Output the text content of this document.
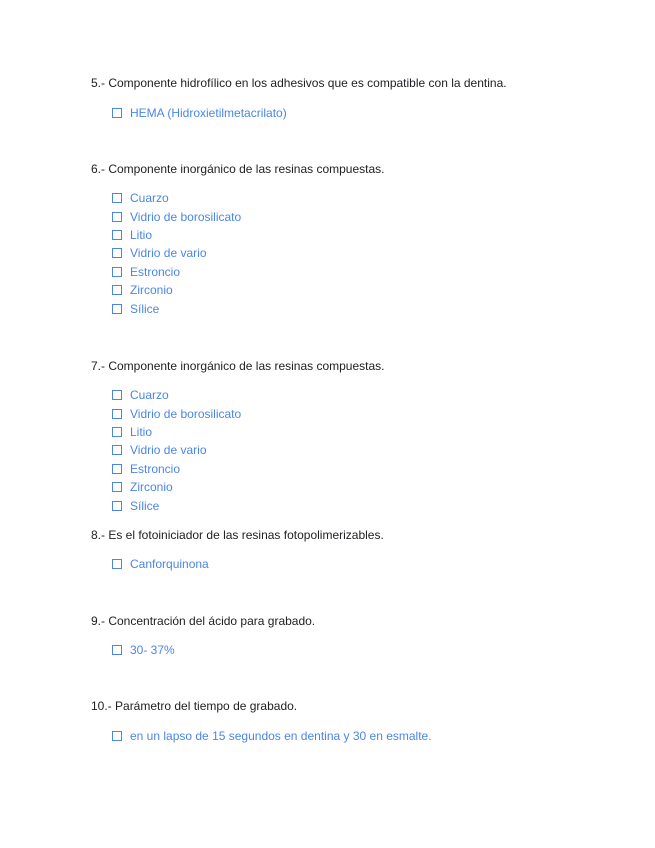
5.- Componente hidrofílico en los adhesivos que es compatible con la dentina.
HEMA (Hidroxietilmetacrilato)
6.- Componente inorgánico de las resinas compuestas.
Cuarzo
Vidrio de borosilicato
Litio
Vidrio de vario
Estroncio
Zirconio
Sílice
7.- Componente inorgánico de las resinas compuestas.
Cuarzo
Vidrio de borosilicato
Litio
Vidrio de vario
Estroncio
Zirconio
Sílice
8.- Es el fotoiniciador de las resinas fotopolimerizables.
Canforquinona
9.- Concentración del ácido para grabado.
30- 37%
10.- Parámetro del tiempo de grabado.
en un lapso de 15 segundos en dentina y 30 en esmalte.
